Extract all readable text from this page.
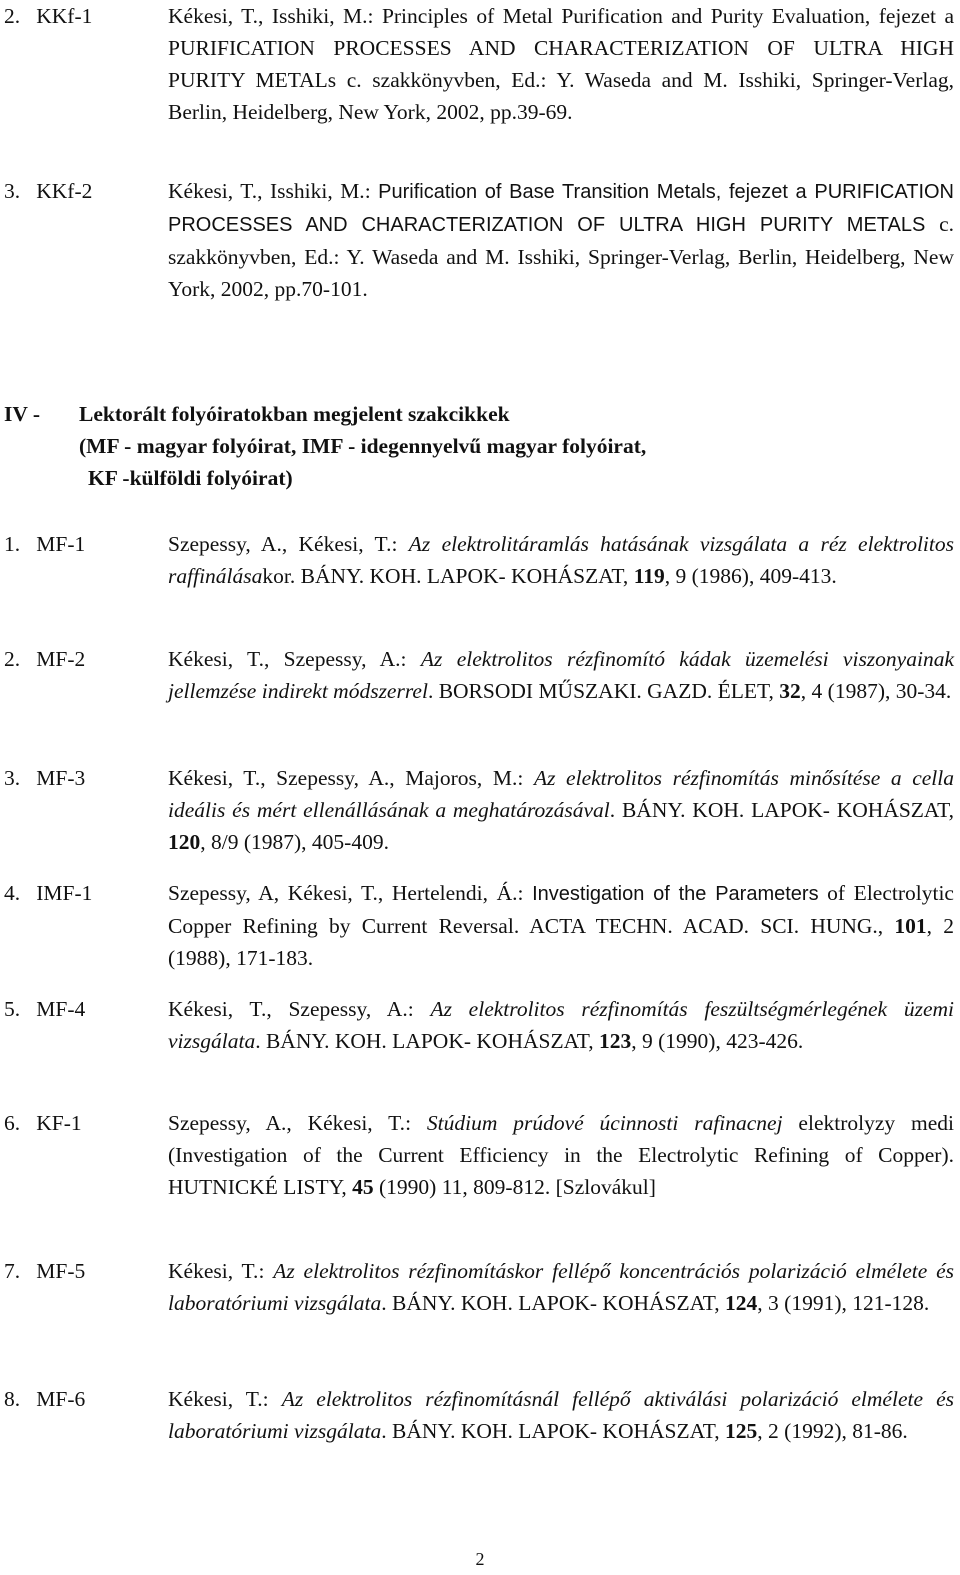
2. KKf-1	Kékesi, T., Isshiki, M.: Principles of Metal Purification and Purity Evaluation, fejezet a PURIFICATION PROCESSES AND CHARACTERIZATION OF ULTRA HIGH PURITY METALs c. szakkönyvben, Ed.: Y. Waseda and M. Isshiki, Springer-Verlag, Berlin, Heidelberg, New York, 2002, pp.39-69.
3. KKf-2	Kékesi, T., Isshiki, M.: Purification of Base Transition Metals, fejezet a PURIFICATION PROCESSES AND CHARACTERIZATION OF ULTRA HIGH PURITY METALS c. szakkönyvben, Ed.: Y. Waseda and M. Isshiki, Springer-Verlag, Berlin, Heidelberg, New York, 2002, pp.70-101.
IV - Lektorált folyóiratokban megjelent szakcikkek
(MF - magyar folyóirat, IMF - idegennyelvű magyar folyóirat,
KF -külföldi folyóirat)
1. MF-1	Szepessy, A., Kékesi, T.: Az elektrolitáramlás hatásának vizsgálata a réz elektrolitos raffinálásakor. BÁNY. KOH. LAPOK- KOHÁSZAT, 119, 9 (1986), 409-413.
2. MF-2	Kékesi, T., Szepessy, A.: Az elektrolitos rézfinomító kádak üzemelési viszonyainak jellemzése indirekt módszerrel. BORSODI MŰSZAKI. GAZD. ÉLET, 32, 4 (1987), 30-34.
3. MF-3	Kékesi, T., Szepessy, A., Majoros, M.: Az elektrolitos rézfinomítás minősítése a cella ideális és mért ellenállásának a meghatározásával. BÁNY. KOH. LAPOK- KOHÁSZAT, 120, 8/9 (1987), 405-409.
4. IMF-1	Szepessy, A, Kékesi, T., Hertelendi, Á.: Investigation of the Parameters of Electrolytic Copper Refining by Current Reversal. ACTA TECHN. ACAD. SCI. HUNG., 101, 2 (1988), 171-183.
5. MF-4	Kékesi, T., Szepessy, A.: Az elektrolitos rézfinomítás feszültségmérlegének üzemi vizsgálata. BÁNY. KOH. LAPOK- KOHÁSZAT, 123, 9 (1990), 423-426.
6. KF-1	Szepessy, A., Kékesi, T.: Stúdium prúdové úcinnosti rafinacnej elektrolyzy medi (Investigation of the Current Efficiency in the Electrolytic Refining of Copper). HUTNICKÉ LISTY, 45 (1990) 11, 809-812. [Szlovákul]
7. MF-5	Kékesi, T.: Az elektrolitos rézfinomításkor fellépő koncentrációs polarizáció elmélete és laboratóriumi vizsgálata. BÁNY. KOH. LAPOK- KOHÁSZAT, 124, 3 (1991), 121-128.
8. MF-6	Kékesi, T.: Az elektrolitos rézfinomításnál fellépő aktiválási polarizáció elmélete és laboratóriumi vizsgálata. BÁNY. KOH. LAPOK- KOHÁSZAT, 125, 2 (1992), 81-86.
2
